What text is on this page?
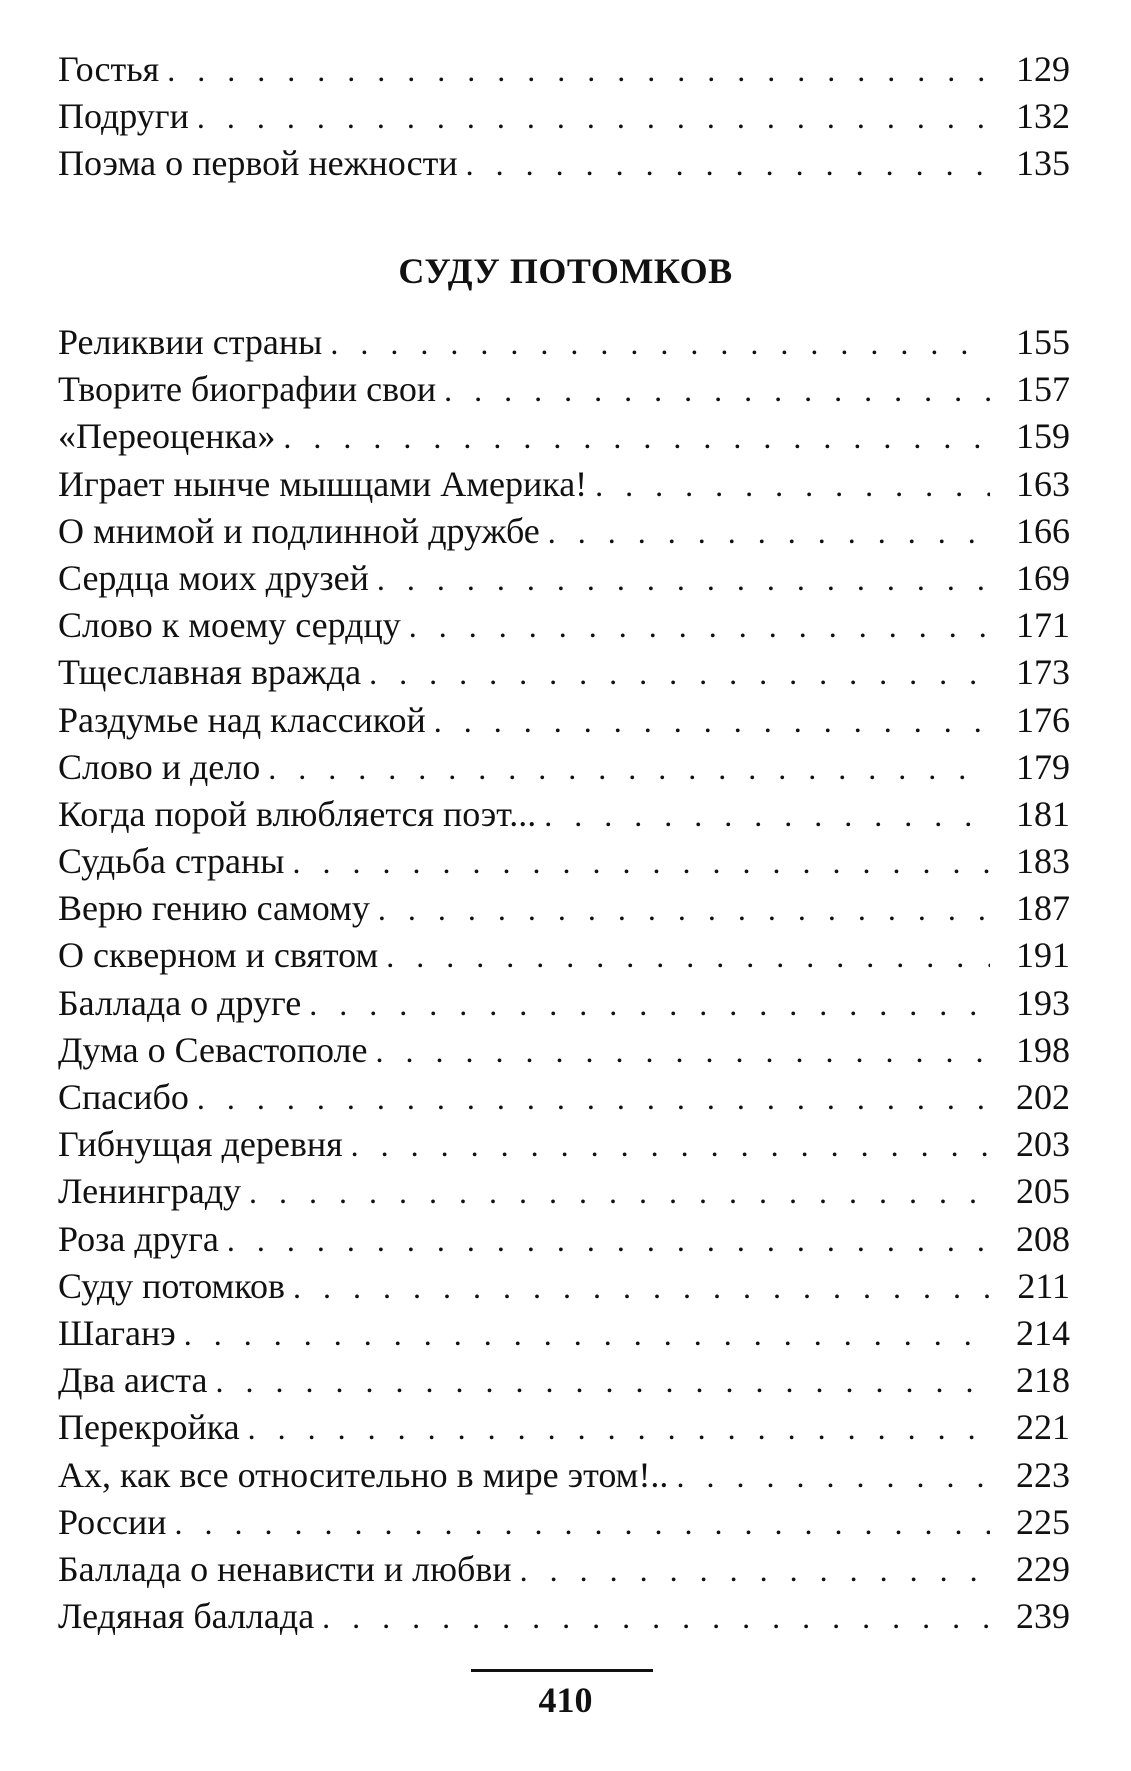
Гостья . . .	129
Подруги . . .	132
Поэма о первой нежности . . .	135
СУДУ ПОТОМКОВ
Реликвии страны . . .	155
Творите биографии свои . . .	157
«Переоценка» . . .	159
Играет нынче мышцами Америка! . . .	163
О мнимой и подлинной дружбе . . .	166
Сердца моих друзей . . .	169
Слово к моему сердцу . . .	171
Тщеславная вражда . . .	173
Раздумье над классикой . . .	176
Слово и дело . . .	179
Когда порой влюбляется поэт... . . .	181
Судьба страны . . .	183
Верю гению самому . . .	187
О скверном и святом . . .	191
Баллада о друге . . .	193
Дума о Севастополе . . .	198
Спасибо . . .	202
Гибнущая деревня . . .	203
Ленинграду . . .	205
Роза друга . . .	208
Суду потомков . . .	211
Шаганэ . . .	214
Два аиста . . .	218
Перекройка . . .	221
Ах, как все относительно в мире этом!.. . . .	223
России . . .	225
Баллада о ненависти и любви . . .	229
Ледяная баллада . . .	239
410
